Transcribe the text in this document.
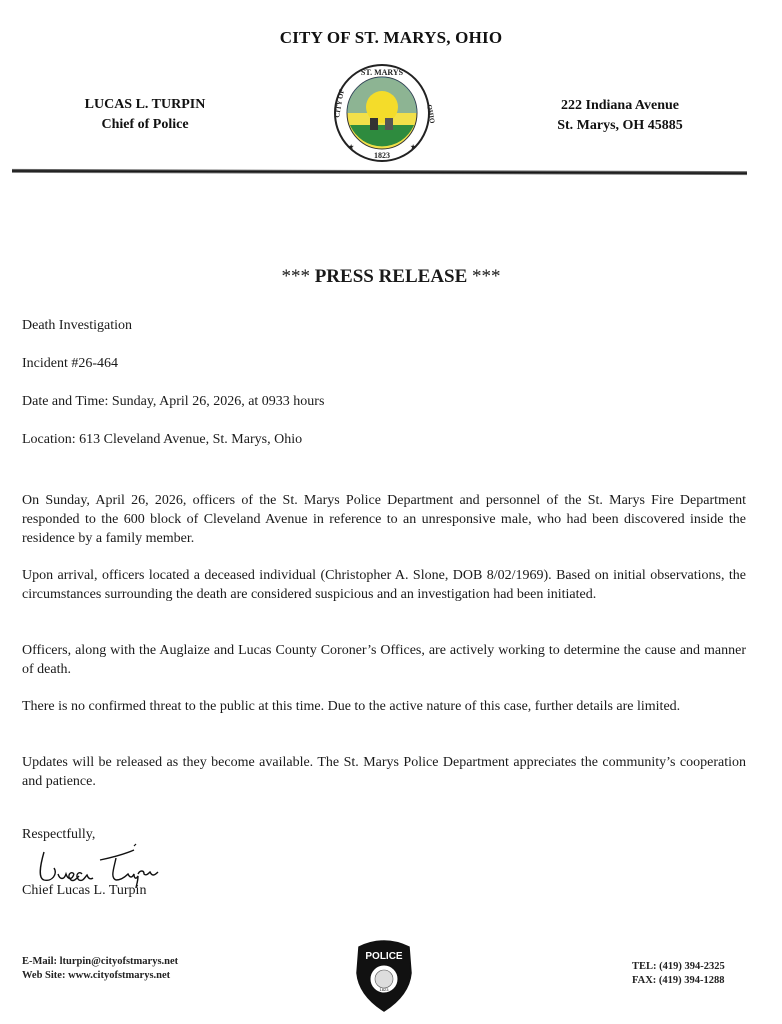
CITY OF ST. MARYS, OHIO
LUCAS L. TURPIN
Chief of Police
ST. MARYS
CITY OF	OHIO
1823
★	★
222 Indiana Avenue
St. Marys, OH 45885
*** PRESS RELEASE ***
Death Investigation
Incident #26-464
Date and Time: Sunday, April 26, 2026, at 0933 hours
Location: 613 Cleveland Avenue, St. Marys, Ohio
On Sunday, April 26, 2026, officers of the St. Marys Police Department and personnel of the St. Marys Fire Department responded to the 600 block of Cleveland Avenue in reference to an unresponsive male, who had been discovered inside the residence by a family member.
Upon arrival, officers located a deceased individual (Christopher A. Slone, DOB 8/02/1969). Based on initial observations, the circumstances surrounding the death are considered suspicious and an investigation had been initiated.
Officers, along with the Auglaize and Lucas County Coroner’s Offices, are actively working to determine the cause and manner of death.
There is no confirmed threat to the public at this time. Due to the active nature of this case, further details are limited.
Updates will be released as they become available. The St. Marys Police Department appreciates the community’s cooperation and patience.
Respectfully,
Chief Lucas L. Turpin
E-Mail: lturpin@cityofstmarys.net
Web Site: www.cityofstmarys.net
POLICE
1823
TEL: (419) 394-2325
FAX: (419) 394-1288
